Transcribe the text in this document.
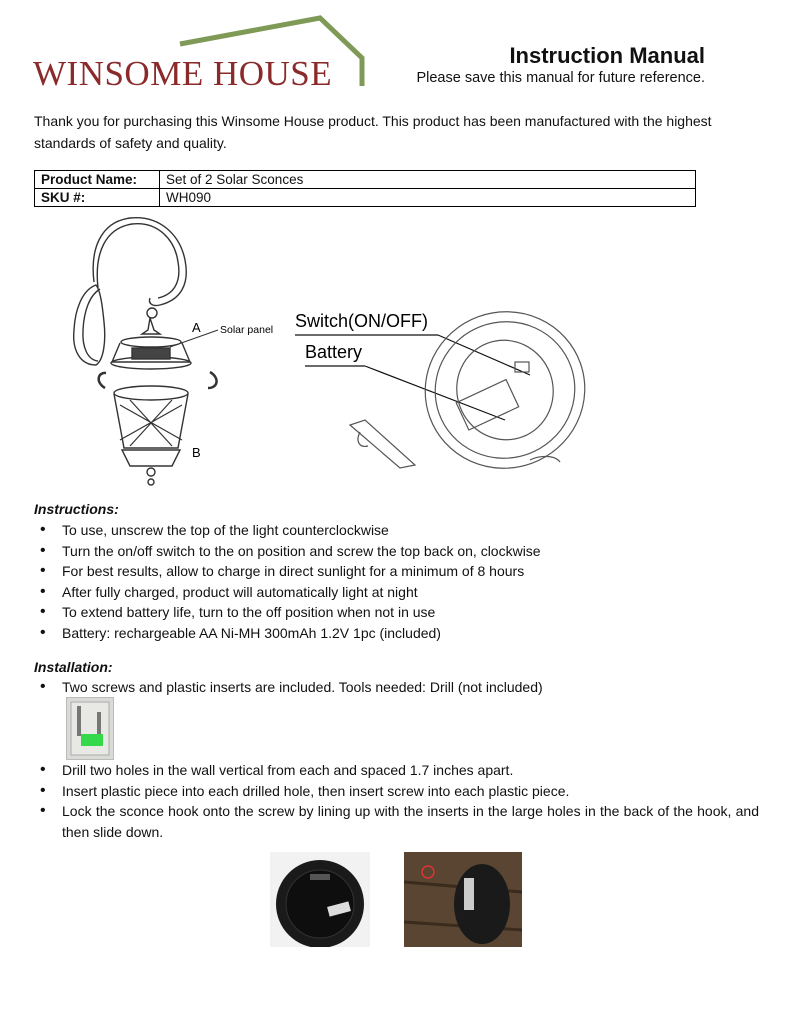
WINSOME HOUSE	Instruction Manual
Please save this manual for future reference.
Thank you for purchasing this Winsome House product. This product has been manufactured with the highest standards of safety and quality.
Product Name:	Set of 2 Solar Sconces
SKU #:	WH090
A Solar panel
B
Switch(ON/OFF)
Battery
Instructions:
• To use, unscrew the top of the light counterclockwise
• Turn the on/off switch to the on position and screw the top back on, clockwise
• For best results, allow to charge in direct sunlight for a minimum of 8 hours
• After fully charged, product will automatically light at night
• To extend battery life, turn to the off position when not in use
• Battery: rechargeable AA Ni-MH 300mAh 1.2V 1pc (included)
Installation:
• Two screws and plastic inserts are included. Tools needed: Drill (not included)
• Drill two holes in the wall vertical from each and spaced 1.7 inches apart.
• Insert plastic piece into each drilled hole, then insert screw into each plastic piece.
• Lock the sconce hook onto the screw by lining up with the inserts in the large holes in the back of the hook, and then slide down.
